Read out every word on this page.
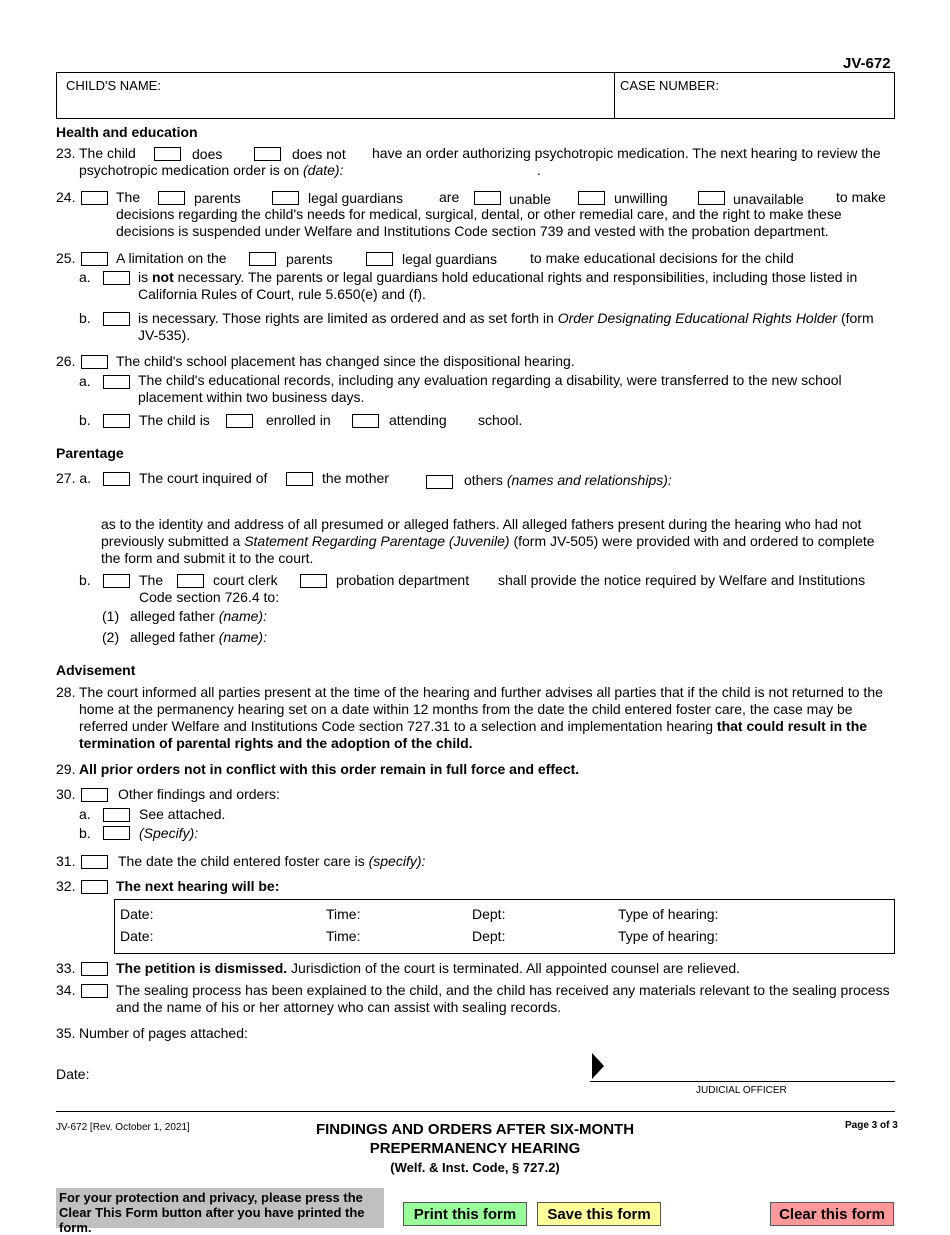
JV-672
CHILD'S NAME:	CASE NUMBER:
Health and education
23. The child	does	does not have an order authorizing psychotropic medication. The next hearing to review the
psychotropic medication order is on (date):	.
24.	The	parents	legal guardians	are	unable	unwilling	unavailable to make
decisions regarding the child's needs for medical, surgical, dental, or other remedial care, and the right to make these decisions is suspended under Welfare and Institutions Code section 739 and vested with the probation department.
25.	A limitation on the	parents	legal guardians to make educational decisions for the child
a.	is not necessary. The parents or legal guardians hold educational rights and responsibilities, including those listed in California Rules of Court, rule 5.650(e) and (f).
b.	is necessary. Those rights are limited as ordered and as set forth in Order Designating Educational Rights Holder (form JV-535).
26.	The child's school placement has changed since the dispositional hearing.
a.	The child's educational records, including any evaluation regarding a disability, were transferred to the new school placement within two business days.
b.	The child is	enrolled in	attending school.
Parentage
27. a.	The court inquired of	the mother	others (names and relationships):
as to the identity and address of all presumed or alleged fathers. All alleged fathers present during the hearing who had not previously submitted a Statement Regarding Parentage (Juvenile) (form JV-505) were provided with and ordered to complete the form and submit it to the court.
b.	The	court clerk	probation department shall provide the notice required by Welfare and Institutions
Code section 726.4 to:
(1) alleged father (name):
(2) alleged father (name):
Advisement
28. The court informed all parties present at the time of the hearing and further advises all parties that if the child is not returned to the home at the permanency hearing set on a date within 12 months from the date the child entered foster care, the case may be referred under Welfare and Institutions Code section 727.31 to a selection and implementation hearing that could result in the termination of parental rights and the adoption of the child.
29. All prior orders not in conflict with this order remain in full force and effect.
30.	Other findings and orders:
a.	See attached.
b.	(Specify):
31.	The date the child entered foster care is (specify):
32.	The next hearing will be:
Date:	Time:	Dept:	Type of hearing:
Date:	Time:	Dept:	Type of hearing:
33.	The petition is dismissed. Jurisdiction of the court is terminated. All appointed counsel are relieved.
34.	The sealing process has been explained to the child, and the child has received any materials relevant to the sealing process and the name of his or her attorney who can assist with sealing records.
35. Number of pages attached:
Date:
JUDICIAL OFFICER
JV-672 [Rev. October 1, 2021]	FINDINGS AND ORDERS AFTER SIX-MONTH
PREPERMANENCY HEARING
(Welf. & Inst. Code, § 727.2)
Page 3 of 3
For your protection and privacy, please press the Clear This Form button after you have printed the form.
Print this form	Save this form	Clear this form
